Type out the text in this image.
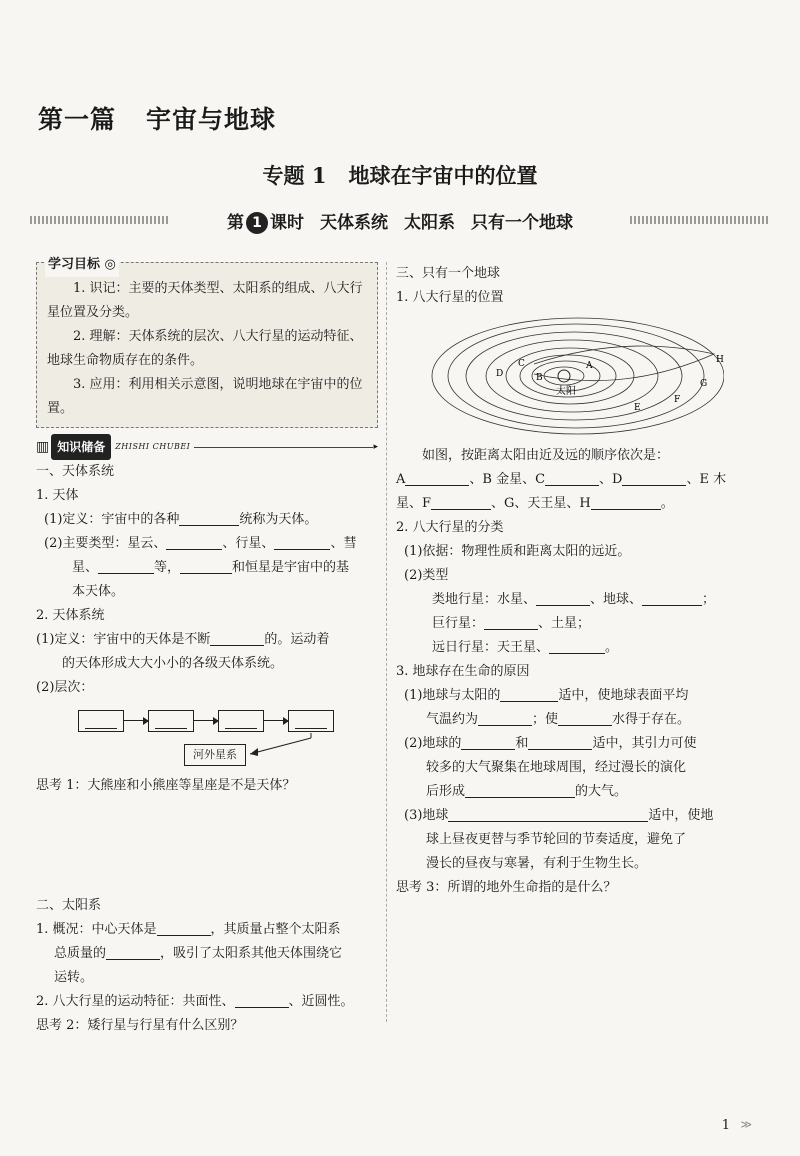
第一篇 宇宙与地球
专题 1 地球在宇宙中的位置
第 1 课时 天体系统 太阳系 只有一个地球
学习目标 ◎

1. 识记：主要的天体类型、太阳系的组成、八大行星位置及分类。

2. 理解：天体系统的层次、八大行星的运动特征、地球生命物质存在的条件。

3. 应用：利用相关示意图，说明地球在宇宙中的位置。

▥ 知识储备	ZHISHI CHUBEI	▸
一、天体系统
1. 天体
(1)定义：宇宙中的各种	统称为天体。
(2)主要类型：星云、	、行星、	、彗
星、	等，	和恒星是宇宙中的基
本天体。
2. 天体系统
(1)定义：宇宙中的天体是不断	的。运动着
的天体形成大大小小的各级天体系统。
(2)层次：
河外星系
思考 1：大熊座和小熊座等星座是不是天体？
二、太阳系
1. 概况：中心天体是	，其质量占整个太阳系
总质量的	，吸引了太阳系其他天体围绕它
运转。
2. 八大行星的运动特征：共面性、	、近圆性。
思考 2：矮行星与行星有什么区别？
三、只有一个地球
1. 八大行星的位置
太阳
A
B
C
D
E
F
G
H
如图，按距离太阳由近及远的顺序依次是：
A	、B 金星、C	、D	、E 木
星、F	、G、天王星、H	。
2. 八大行星的分类
(1)依据：物理性质和距离太阳的远近。
(2)类型
类地行星：水星、	、地球、	；
巨行星：	、土星；
远日行星：天王星、	。
3. 地球存在生命的原因
(1)地球与太阳的	适中，使地球表面平均
气温约为	；使	水得于存在。
(2)地球的	和	适中，其引力可使
较多的大气聚集在地球周围，经过漫长的演化
后形成	的大气。
(3)地球	适中，使地
球上昼夜更替与季节轮回的节奏适度，避免了
漫长的昼夜与寒暑，有利于生物生长。
思考 3：所谓的地外生命指的是什么？
1 ≫
